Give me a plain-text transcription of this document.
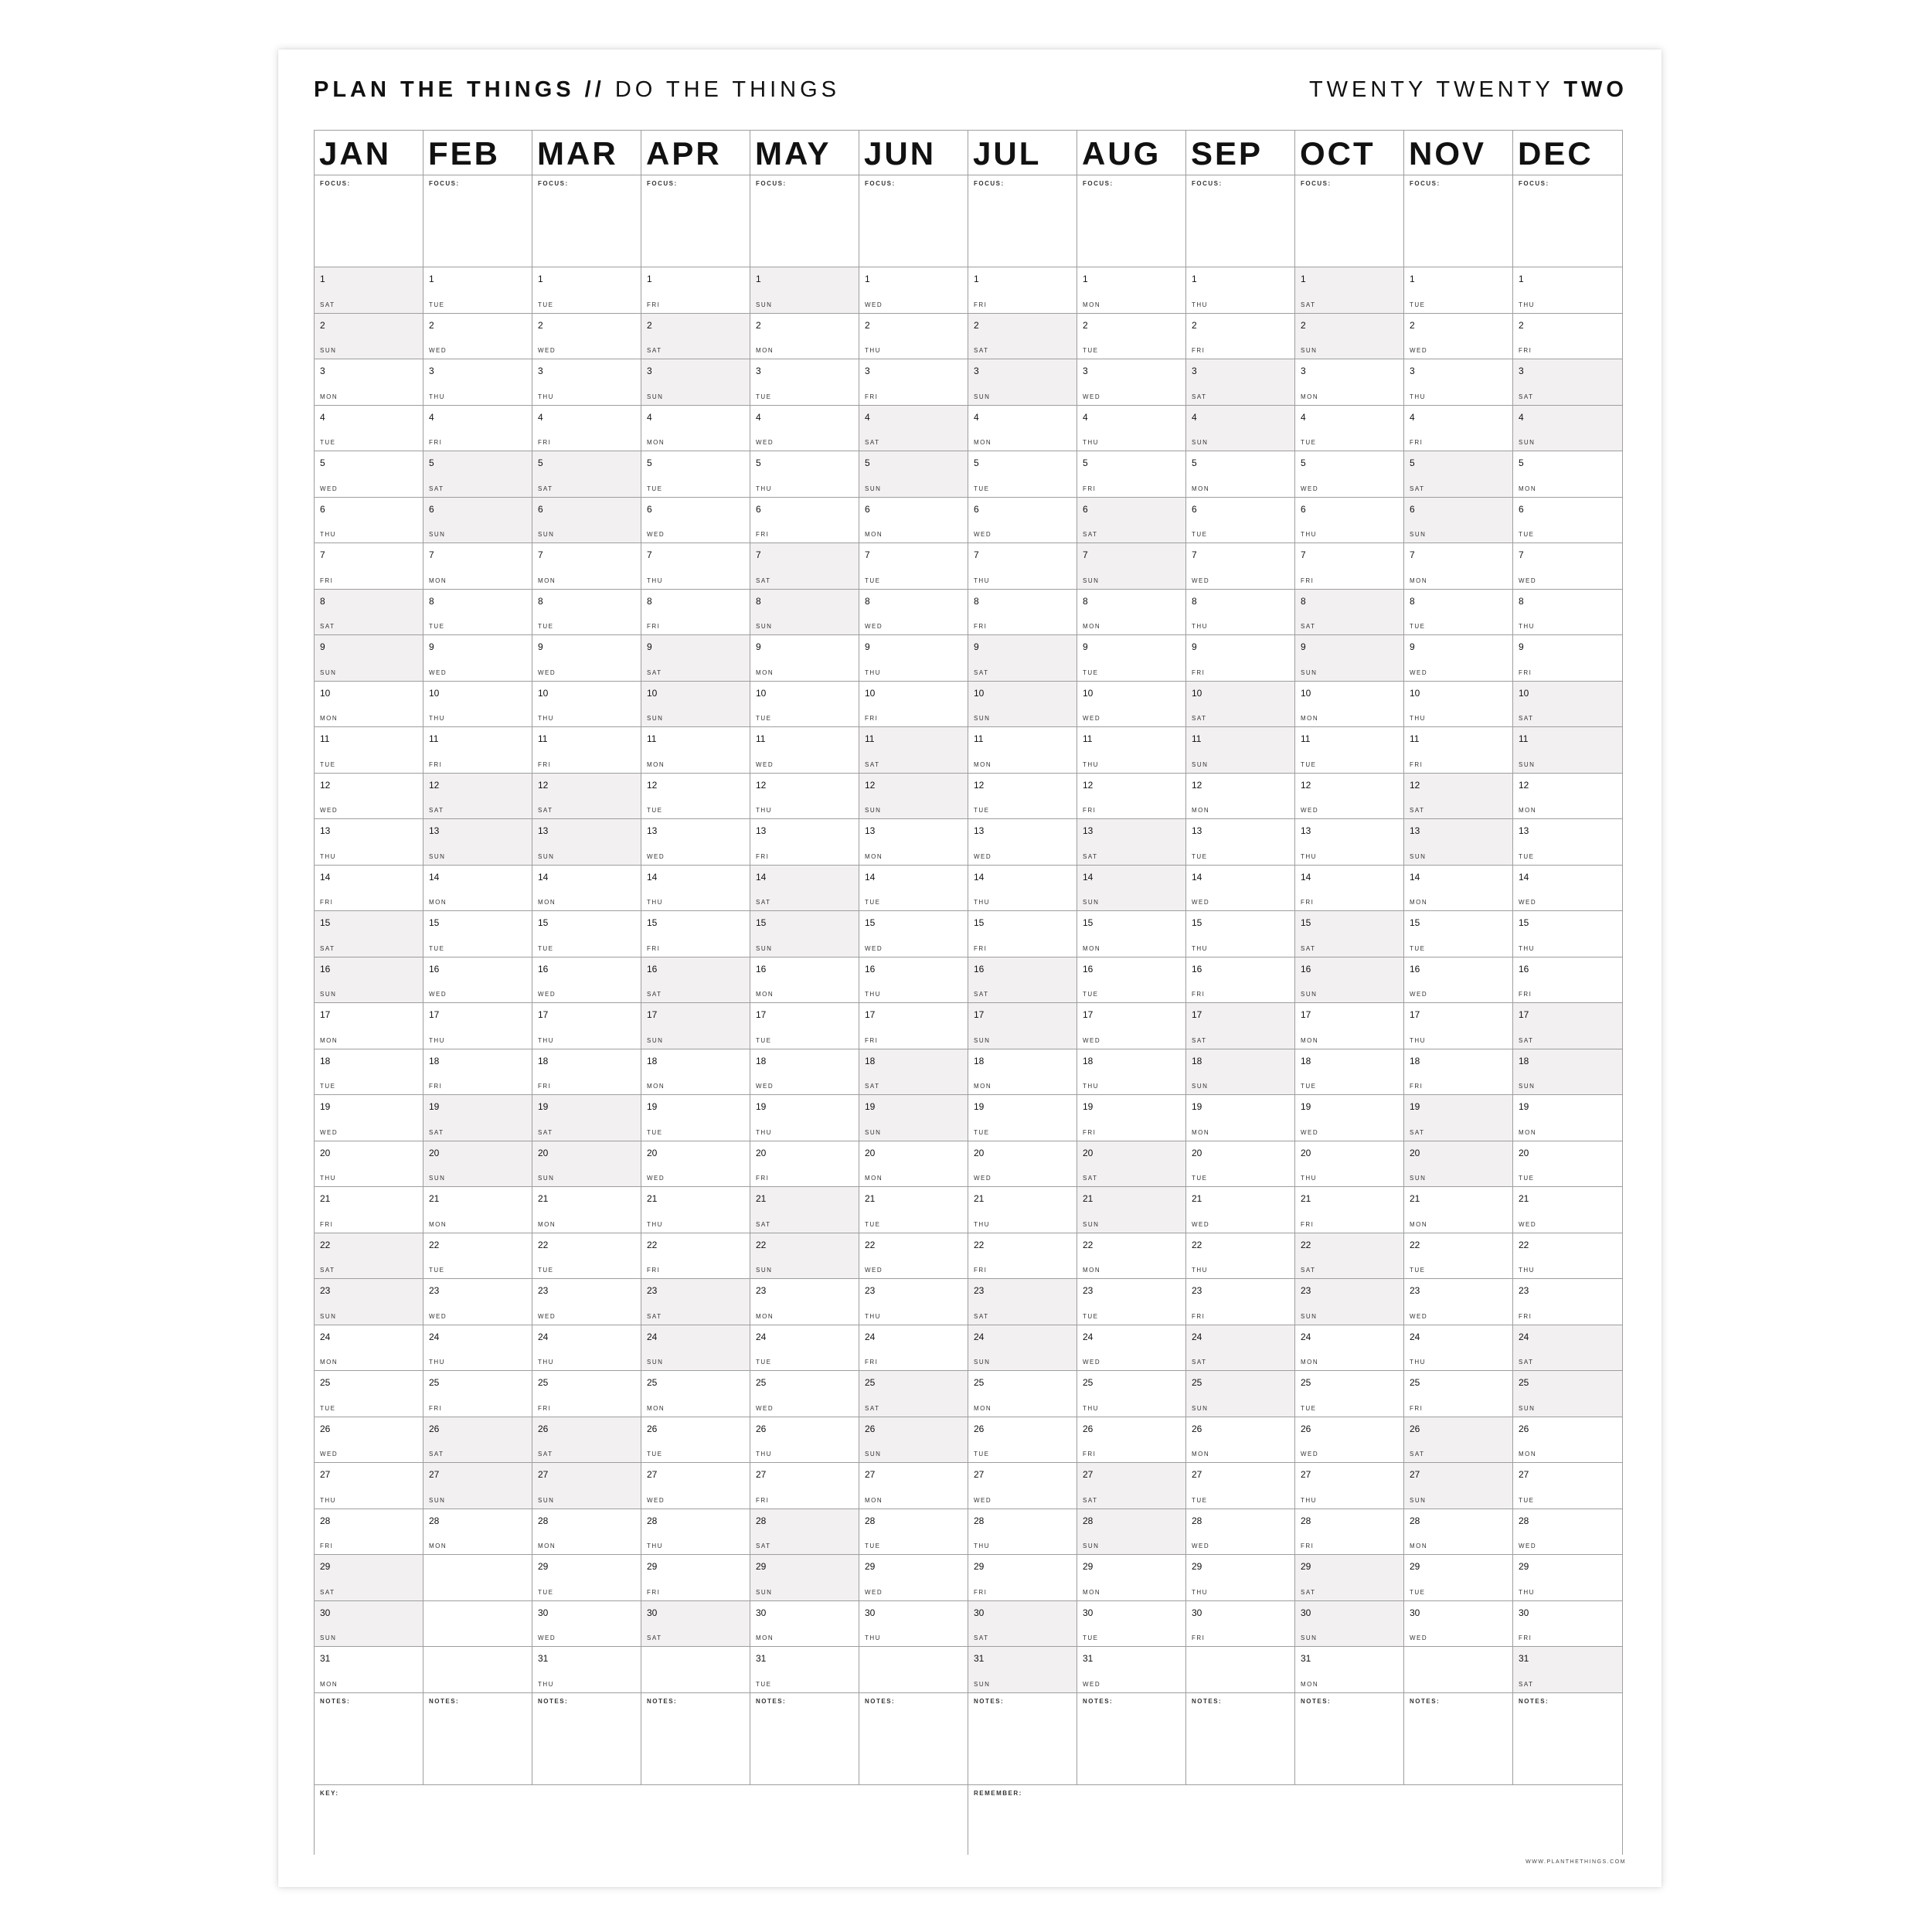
PLAN THE THINGS // DO THE THINGS	TWENTY TWENTY TWO
JAN
FOCUS:
1
SAT
2
SUN
3
MON
4
TUE
5
WED
6
THU
7
FRI
8
SAT
9
SUN
10
MON
11
TUE
12
WED
13
THU
14
FRI
15
SAT
16
SUN
17
MON
18
TUE
19
WED
20
THU
21
FRI
22
SAT
23
SUN
24
MON
25
TUE
26
WED
27
THU
28
FRI
29
SAT
30
SUN
31
MON
NOTES:
FEB
FOCUS:
1
TUE
2
WED
3
THU
4
FRI
5
SAT
6
SUN
7
MON
8
TUE
9
WED
10
THU
11
FRI
12
SAT
13
SUN
14
MON
15
TUE
16
WED
17
THU
18
FRI
19
SAT
20
SUN
21
MON
22
TUE
23
WED
24
THU
25
FRI
26
SAT
27
SUN
28
MON
NOTES:
MAR
FOCUS:
1
TUE
2
WED
3
THU
4
FRI
5
SAT
6
SUN
7
MON
8
TUE
9
WED
10
THU
11
FRI
12
SAT
13
SUN
14
MON
15
TUE
16
WED
17
THU
18
FRI
19
SAT
20
SUN
21
MON
22
TUE
23
WED
24
THU
25
FRI
26
SAT
27
SUN
28
MON
29
TUE
30
WED
31
THU
NOTES:
APR
FOCUS:
1
FRI
2
SAT
3
SUN
4
MON
5
TUE
6
WED
7
THU
8
FRI
9
SAT
10
SUN
11
MON
12
TUE
13
WED
14
THU
15
FRI
16
SAT
17
SUN
18
MON
19
TUE
20
WED
21
THU
22
FRI
23
SAT
24
SUN
25
MON
26
TUE
27
WED
28
THU
29
FRI
30
SAT
NOTES:
MAY
FOCUS:
1
SUN
2
MON
3
TUE
4
WED
5
THU
6
FRI
7
SAT
8
SUN
9
MON
10
TUE
11
WED
12
THU
13
FRI
14
SAT
15
SUN
16
MON
17
TUE
18
WED
19
THU
20
FRI
21
SAT
22
SUN
23
MON
24
TUE
25
WED
26
THU
27
FRI
28
SAT
29
SUN
30
MON
31
TUE
NOTES:
JUN
FOCUS:
1
WED
2
THU
3
FRI
4
SAT
5
SUN
6
MON
7
TUE
8
WED
9
THU
10
FRI
11
SAT
12
SUN
13
MON
14
TUE
15
WED
16
THU
17
FRI
18
SAT
19
SUN
20
MON
21
TUE
22
WED
23
THU
24
FRI
25
SAT
26
SUN
27
MON
28
TUE
29
WED
30
THU
NOTES:
JUL
FOCUS:
1
FRI
2
SAT
3
SUN
4
MON
5
TUE
6
WED
7
THU
8
FRI
9
SAT
10
SUN
11
MON
12
TUE
13
WED
14
THU
15
FRI
16
SAT
17
SUN
18
MON
19
TUE
20
WED
21
THU
22
FRI
23
SAT
24
SUN
25
MON
26
TUE
27
WED
28
THU
29
FRI
30
SAT
31
SUN
NOTES:
AUG
FOCUS:
1
MON
2
TUE
3
WED
4
THU
5
FRI
6
SAT
7
SUN
8
MON
9
TUE
10
WED
11
THU
12
FRI
13
SAT
14
SUN
15
MON
16
TUE
17
WED
18
THU
19
FRI
20
SAT
21
SUN
22
MON
23
TUE
24
WED
25
THU
26
FRI
27
SAT
28
SUN
29
MON
30
TUE
31
WED
NOTES:
SEP
FOCUS:
1
THU
2
FRI
3
SAT
4
SUN
5
MON
6
TUE
7
WED
8
THU
9
FRI
10
SAT
11
SUN
12
MON
13
TUE
14
WED
15
THU
16
FRI
17
SAT
18
SUN
19
MON
20
TUE
21
WED
22
THU
23
FRI
24
SAT
25
SUN
26
MON
27
TUE
28
WED
29
THU
30
FRI
NOTES:
OCT
FOCUS:
1
SAT
2
SUN
3
MON
4
TUE
5
WED
6
THU
7
FRI
8
SAT
9
SUN
10
MON
11
TUE
12
WED
13
THU
14
FRI
15
SAT
16
SUN
17
MON
18
TUE
19
WED
20
THU
21
FRI
22
SAT
23
SUN
24
MON
25
TUE
26
WED
27
THU
28
FRI
29
SAT
30
SUN
31
MON
NOTES:
NOV
FOCUS:
1
TUE
2
WED
3
THU
4
FRI
5
SAT
6
SUN
7
MON
8
TUE
9
WED
10
THU
11
FRI
12
SAT
13
SUN
14
MON
15
TUE
16
WED
17
THU
18
FRI
19
SAT
20
SUN
21
MON
22
TUE
23
WED
24
THU
25
FRI
26
SAT
27
SUN
28
MON
29
TUE
30
WED
NOTES:
DEC
FOCUS:
1
THU
2
FRI
3
SAT
4
SUN
5
MON
6
TUE
7
WED
8
THU
9
FRI
10
SAT
11
SUN
12
MON
13
TUE
14
WED
15
THU
16
FRI
17
SAT
18
SUN
19
MON
20
TUE
21
WED
22
THU
23
FRI
24
SAT
25
SUN
26
MON
27
TUE
28
WED
29
THU
30
FRI
31
SAT
NOTES:
KEY:	REMEMBER:
WWW.PLANTHETHINGS.COM
